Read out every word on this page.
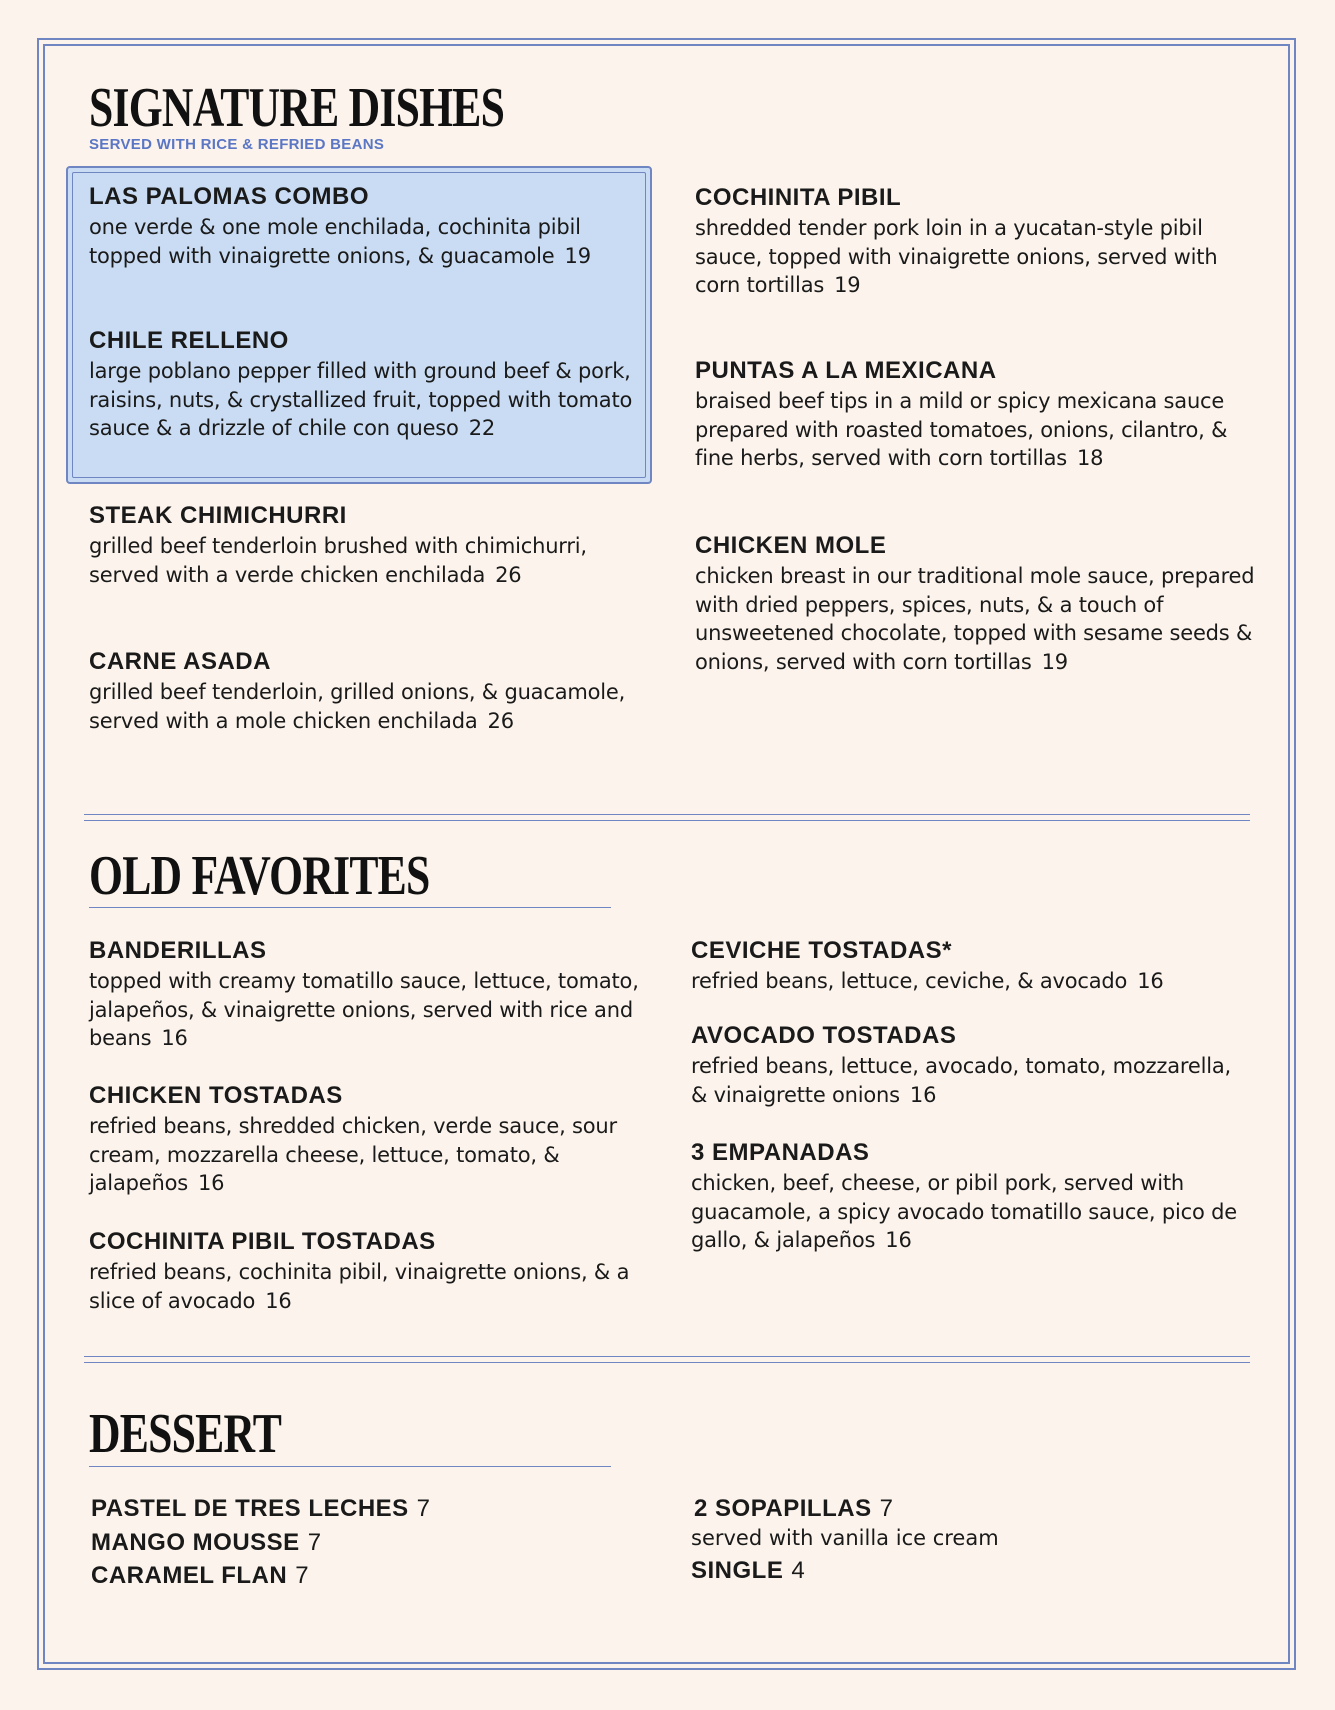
SIGNATURE DISHES
SERVED WITH RICE & REFRIED BEANS
LAS PALOMAS COMBO

one verde & one mole enchilada, cochinita pibil topped with vinaigrette onions, & guacamole 19

CHILE RELLENO

large poblano pepper filled with ground beef & pork, raisins, nuts, & crystallized fruit, topped with tomato sauce & a drizzle of chile con queso 22

STEAK CHIMICHURRI

grilled beef tenderloin brushed with chimichurri, served with a verde chicken enchilada 26

CARNE ASADA

grilled beef tenderloin, grilled onions, & guacamole, served with a mole chicken enchilada 26

COCHINITA PIBIL

shredded tender pork loin in a yucatan-style pibil sauce, topped with vinaigrette onions, served with corn tortillas 19

PUNTAS A LA MEXICANA

braised beef tips in a mild or spicy mexicana sauce prepared with roasted tomatoes, onions, cilantro, & fine herbs, served with corn tortillas 18

CHICKEN MOLE

chicken breast in our traditional mole sauce, prepared with dried peppers, spices, nuts, & a touch of unsweetened chocolate, topped with sesame seeds & onions, served with corn tortillas 19

OLD FAVORITES
BANDERILLAS

topped with creamy tomatillo sauce, lettuce, tomato, jalapeños, & vinaigrette onions, served with rice and beans 16

CHICKEN TOSTADAS

refried beans, shredded chicken, verde sauce, sour cream, mozzarella cheese, lettuce, tomato, & jalapeños 16

COCHINITA PIBIL TOSTADAS

refried beans, cochinita pibil, vinaigrette onions, & a slice of avocado 16

CEVICHE TOSTADAS*

refried beans, lettuce, ceviche, & avocado 16

AVOCADO TOSTADAS

refried beans, lettuce, avocado, tomato, mozzarella, & vinaigrette onions 16

3 EMPANADAS

chicken, beef, cheese, or pibil pork, served with guacamole, a spicy avocado tomatillo sauce, pico de gallo, & jalapeños 16

DESSERT
PASTEL DE TRES LECHES 7
MANGO MOUSSE 7
CARAMEL FLAN 7
2 SOPAPILLAS 7
served with vanilla ice cream
SINGLE 4
